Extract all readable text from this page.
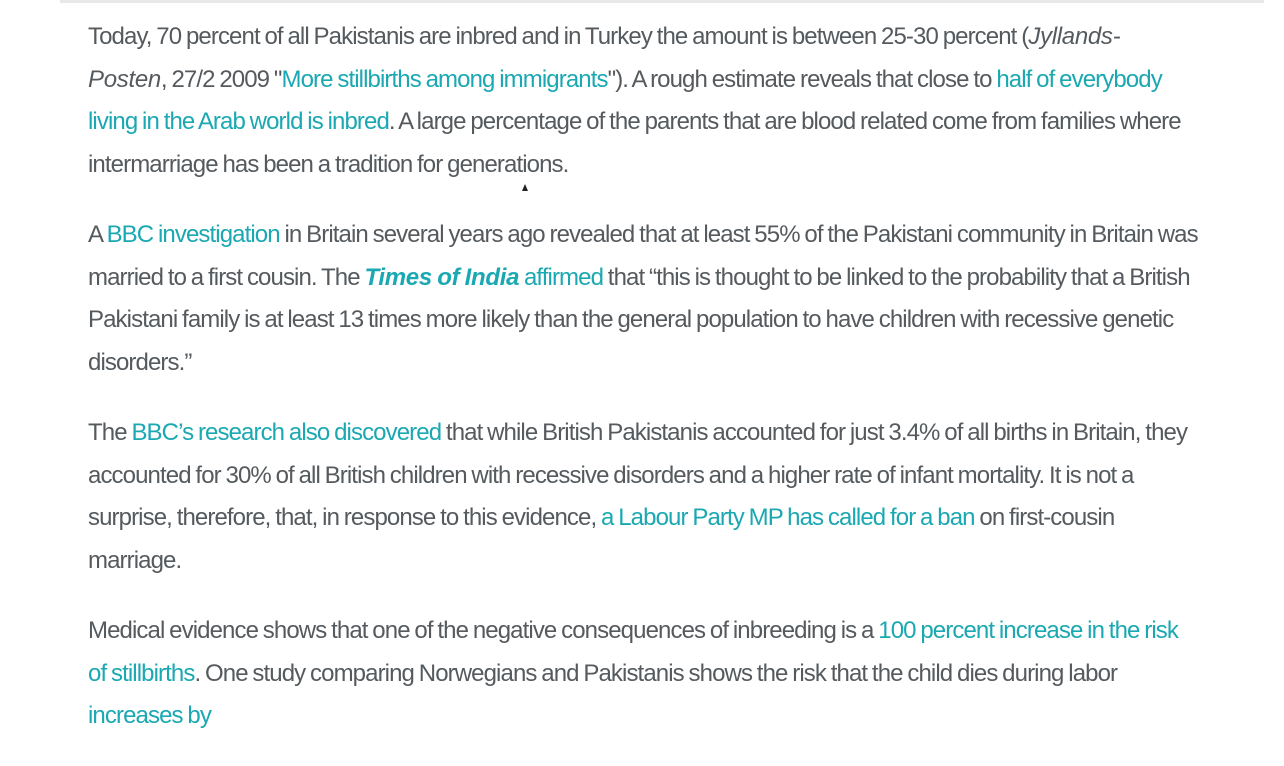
Today, 70 percent of all Pakistanis are inbred and in Turkey the amount is between 25-30 percent (Jyllands-Posten, 27/2 2009 "More stillbirths among immigrants"). A rough estimate reveals that close to half of everybody living in the Arab world is inbred. A large percentage of the parents that are blood related come from families where intermarriage has been a tradition for generations.

A BBC investigation in Britain several years ago revealed that at least 55% of the Pakistani community in Britain was married to a first cousin. The Times of India affirmed that “this is thought to be linked to the probability that a British Pakistani family is at least 13 times more likely than the general population to have children with recessive genetic disorders.”

The BBC’s research also discovered that while British Pakistanis accounted for just 3.4% of all births in Britain, they accounted for 30% of all British children with recessive disorders and a higher rate of infant mortality. It is not a surprise, therefore, that, in response to this evidence, a Labour Party MP has called for a ban on first-cousin marriage.

Medical evidence shows that one of the negative consequences of inbreeding is a 100 percent increase in the risk of stillbirths. One study comparing Norwegians and Pakistanis shows the risk that the child dies during labor increases by
